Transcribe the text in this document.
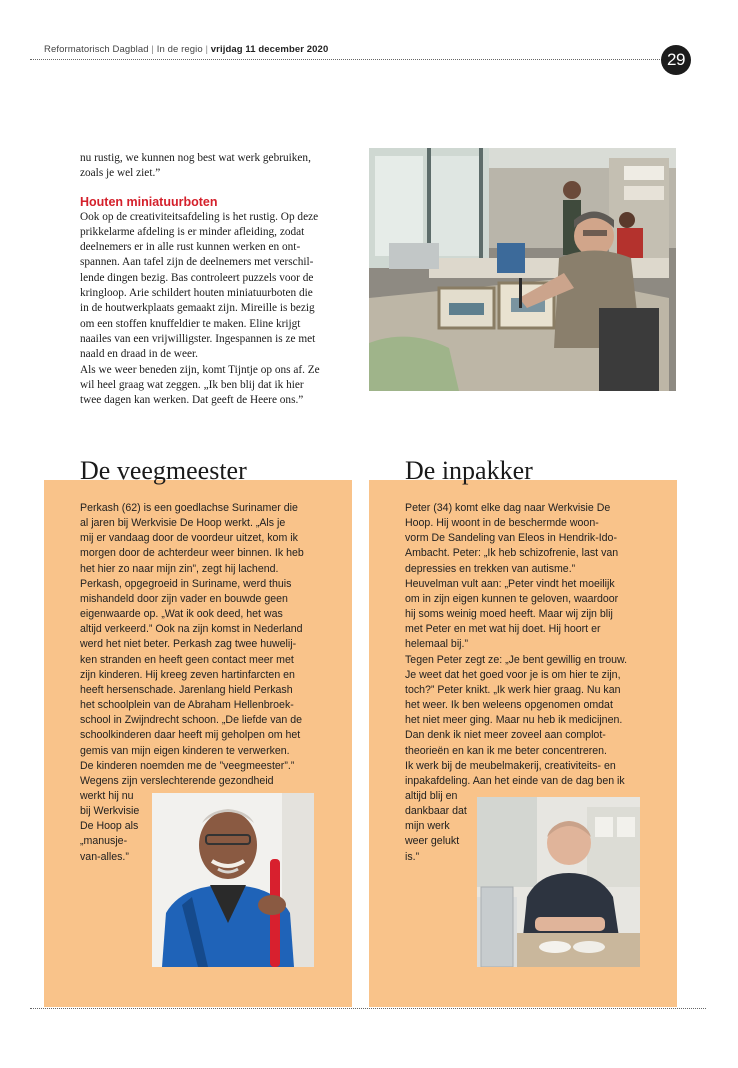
Reformatorisch Dagblad | In de regio | vrijdag 11 december 2020
29

nu rustig, we kunnen nog best wat werk gebruiken,

zoals je wel ziet.”

Houten miniatuurboten

Ook op de creativiteitsafdeling is het rustig. Op deze

prikkelarme afdeling is er minder afleiding, zodat

deelnemers er in alle rust kunnen werken en ont-

spannen. Aan tafel zijn de deelnemers met verschil-

lende dingen bezig. Bas controleert puzzels voor de

kringloop. Arie schildert houten miniatuurboten die

in de houtwerkplaats gemaakt zijn. Mireille is bezig

om een stoffen knuffeldier te maken. Eline krijgt

naailes van een vrijwilligster. Ingespannen is ze met

naald en draad in de weer.

Als we weer beneden zijn, komt Tijntje op ons af. Ze

wil heel graag wat zeggen. „Ik ben blij dat ik hier

twee dagen kan werken. Dat geeft de Heere ons.”

De veegmeester

Perkash (62) is een goedlachse Surinamer die

al jaren bij Werkvisie De Hoop werkt. „Als je

mij er vandaag door de voordeur uitzet, kom ik

morgen door de achterdeur weer binnen. Ik heb

het hier zo naar mijn zin”, zegt hij lachend.

Perkash, opgegroeid in Suriname, werd thuis

mishandeld door zijn vader en bouwde geen

eigenwaarde op. „Wat ik ook deed, het was

altijd verkeerd.” Ook na zijn komst in Nederland

werd het niet beter. Perkash zag twee huwelij-

ken stranden en heeft geen contact meer met

zijn kinderen. Hij kreeg zeven hartinfarcten en

heeft hersenschade. Jarenlang hield Perkash

het schoolplein van de Abraham Hellenbroek-

school in Zwijndrecht schoon. „De liefde van de

schoolkinderen daar heeft mij geholpen om het

gemis van mijn eigen kinderen te verwerken.

De kinderen noemden me de ”veegmeester”.”

Wegens zijn verslechterende gezondheid

werkt hij nu

bij Werkvisie

De Hoop als

„manusje-

van-alles.”

De inpakker

Peter (34) komt elke dag naar Werkvisie De

Hoop. Hij woont in de beschermde woon-

vorm De Sandeling van Eleos in Hendrik-Ido-

Ambacht. Peter: „Ik heb schizofrenie, last van

depressies en trekken van autisme.”

Heuvelman vult aan: „Peter vindt het moeilijk

om in zijn eigen kunnen te geloven, waardoor

hij soms weinig moed heeft. Maar wij zijn blij

met Peter en met wat hij doet. Hij hoort er

helemaal bij.”

Tegen Peter zegt ze: „Je bent gewillig en trouw.

Je weet dat het goed voor je is om hier te zijn,

toch?” Peter knikt. „Ik werk hier graag. Nu kan

het weer. Ik ben weleens opgenomen omdat

het niet meer ging. Maar nu heb ik medicijnen.

Dan denk ik niet meer zoveel aan complot-

theorieën en kan ik me beter concentreren.

Ik werk bij de meubelmakerij, creativiteits- en

inpakafdeling. Aan het einde van de dag ben ik

altijd blij en

dankbaar dat

mijn werk

weer gelukt

is.”
